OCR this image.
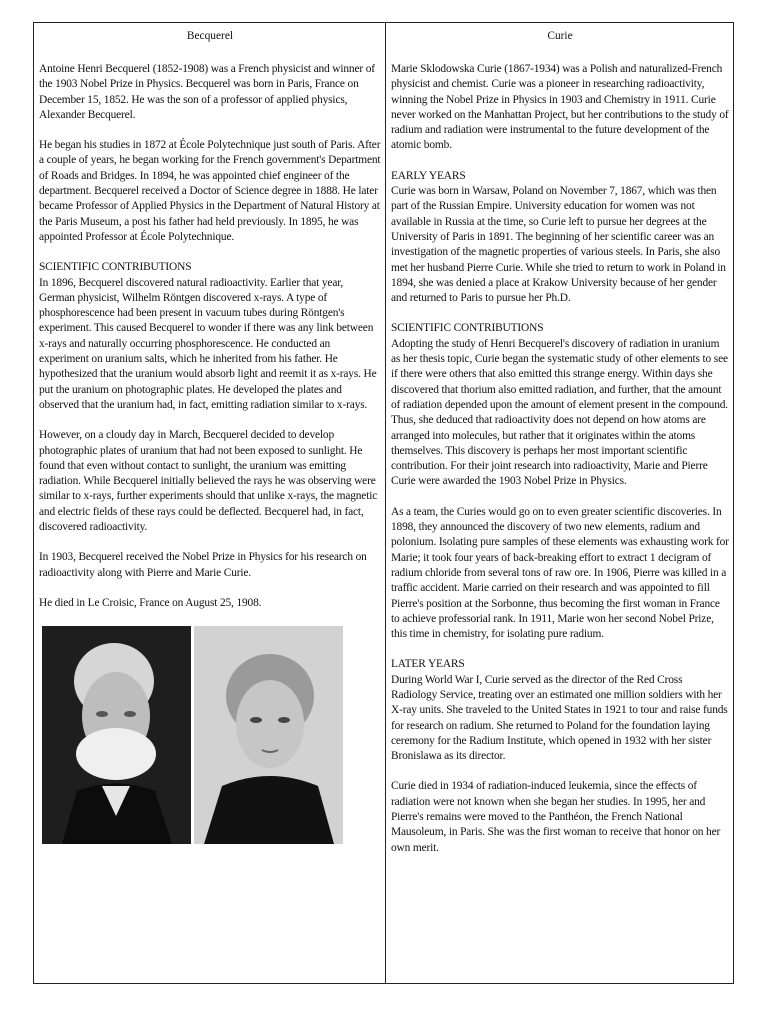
Becquerel

Antoine Henri Becquerel (1852-1908) was a French physicist and winner of the 1903 Nobel Prize in Physics. Becquerel was born in Paris, France on December 15, 1852. He was the son of a professor of applied physics, Alexander Becquerel.

He began his studies in 1872 at École Polytechnique just south of Paris. After a couple of years, he began working for the French government's Department of Roads and Bridges. In 1894, he was appointed chief engineer of the department. Becquerel received a Doctor of Science degree in 1888. He later became Professor of Applied Physics in the Department of Natural History at the Paris Museum, a post his father had held previously. In 1895, he was appointed Professor at École Polytechnique.

SCIENTIFIC CONTRIBUTIONS

In 1896, Becquerel discovered natural radioactivity. Earlier that year, German physicist, Wilhelm Röntgen discovered x-rays. A type of phosphorescence had been present in vacuum tubes during Röntgen's experiment. This caused Becquerel to wonder if there was any link between x-rays and naturally occurring phosphorescence. He conducted an experiment on uranium salts, which he inherited from his father. He hypothesized that the uranium would absorb light and reemit it as x-rays. He put the uranium on photographic plates. He developed the plates and observed that the uranium had, in fact, emitting radiation similar to x-rays.

However, on a cloudy day in March, Becquerel decided to develop photographic plates of uranium that had not been exposed to sunlight. He found that even without contact to sunlight, the uranium was emitting radiation. While Becquerel initially believed the rays he was observing were similar to x-rays, further experiments should that unlike x-rays, the magnetic and electric fields of these rays could be deflected. Becquerel had, in fact, discovered radioactivity.

In 1903, Becquerel received the Nobel Prize in Physics for his research on radioactivity along with Pierre and Marie Curie.

He died in Le Croisic, France on August 25, 1908.

Curie

Marie Sklodowska Curie (1867-1934) was a Polish and naturalized-French physicist and chemist. Curie was a pioneer in researching radioactivity, winning the Nobel Prize in Physics in 1903 and Chemistry in 1911. Curie never worked on the Manhattan Project, but her contributions to the study of radium and radiation were instrumental to the future development of the atomic bomb.

EARLY YEARS

Curie was born in Warsaw, Poland on November 7, 1867, which was then part of the Russian Empire. University education for women was not available in Russia at the time, so Curie left to pursue her degrees at the University of Paris in 1891. The beginning of her scientific career was an investigation of the magnetic properties of various steels. In Paris, she also met her husband Pierre Curie. While she tried to return to work in Poland in 1894, she was denied a place at Krakow University because of her gender and returned to Paris to pursue her Ph.D.

SCIENTIFIC CONTRIBUTIONS

Adopting the study of Henri Becquerel's discovery of radiation in uranium as her thesis topic, Curie began the systematic study of other elements to see if there were others that also emitted this strange energy. Within days she discovered that thorium also emitted radiation, and further, that the amount of radiation depended upon the amount of element present in the compound. Thus, she deduced that radioactivity does not depend on how atoms are arranged into molecules, but rather that it originates within the atoms themselves. This discovery is perhaps her most important scientific contribution. For their joint research into radioactivity, Marie and Pierre Curie were awarded the 1903 Nobel Prize in Physics.

As a team, the Curies would go on to even greater scientific discoveries. In 1898, they announced the discovery of two new elements, radium and polonium. Isolating pure samples of these elements was exhausting work for Marie; it took four years of back-breaking effort to extract 1 decigram of radium chloride from several tons of raw ore. In 1906, Pierre was killed in a traffic accident. Marie carried on their research and was appointed to fill Pierre's position at the Sorbonne, thus becoming the first woman in France to achieve professorial rank. In 1911, Marie won her second Nobel Prize, this time in chemistry, for isolating pure radium.

LATER YEARS

During World War I, Curie served as the director of the Red Cross Radiology Service, treating over an estimated one million soldiers with her X-ray units. She traveled to the United States in 1921 to tour and raise funds for research on radium. She returned to Poland for the foundation laying ceremony for the Radium Institute, which opened in 1932 with her sister Bronislawa as its director.

Curie died in 1934 of radiation-induced leukemia, since the effects of radiation were not known when she began her studies. In 1995, her and Pierre's remains were moved to the Panthéon, the French National Mausoleum, in Paris. She was the first woman to receive that honor on her own merit.
